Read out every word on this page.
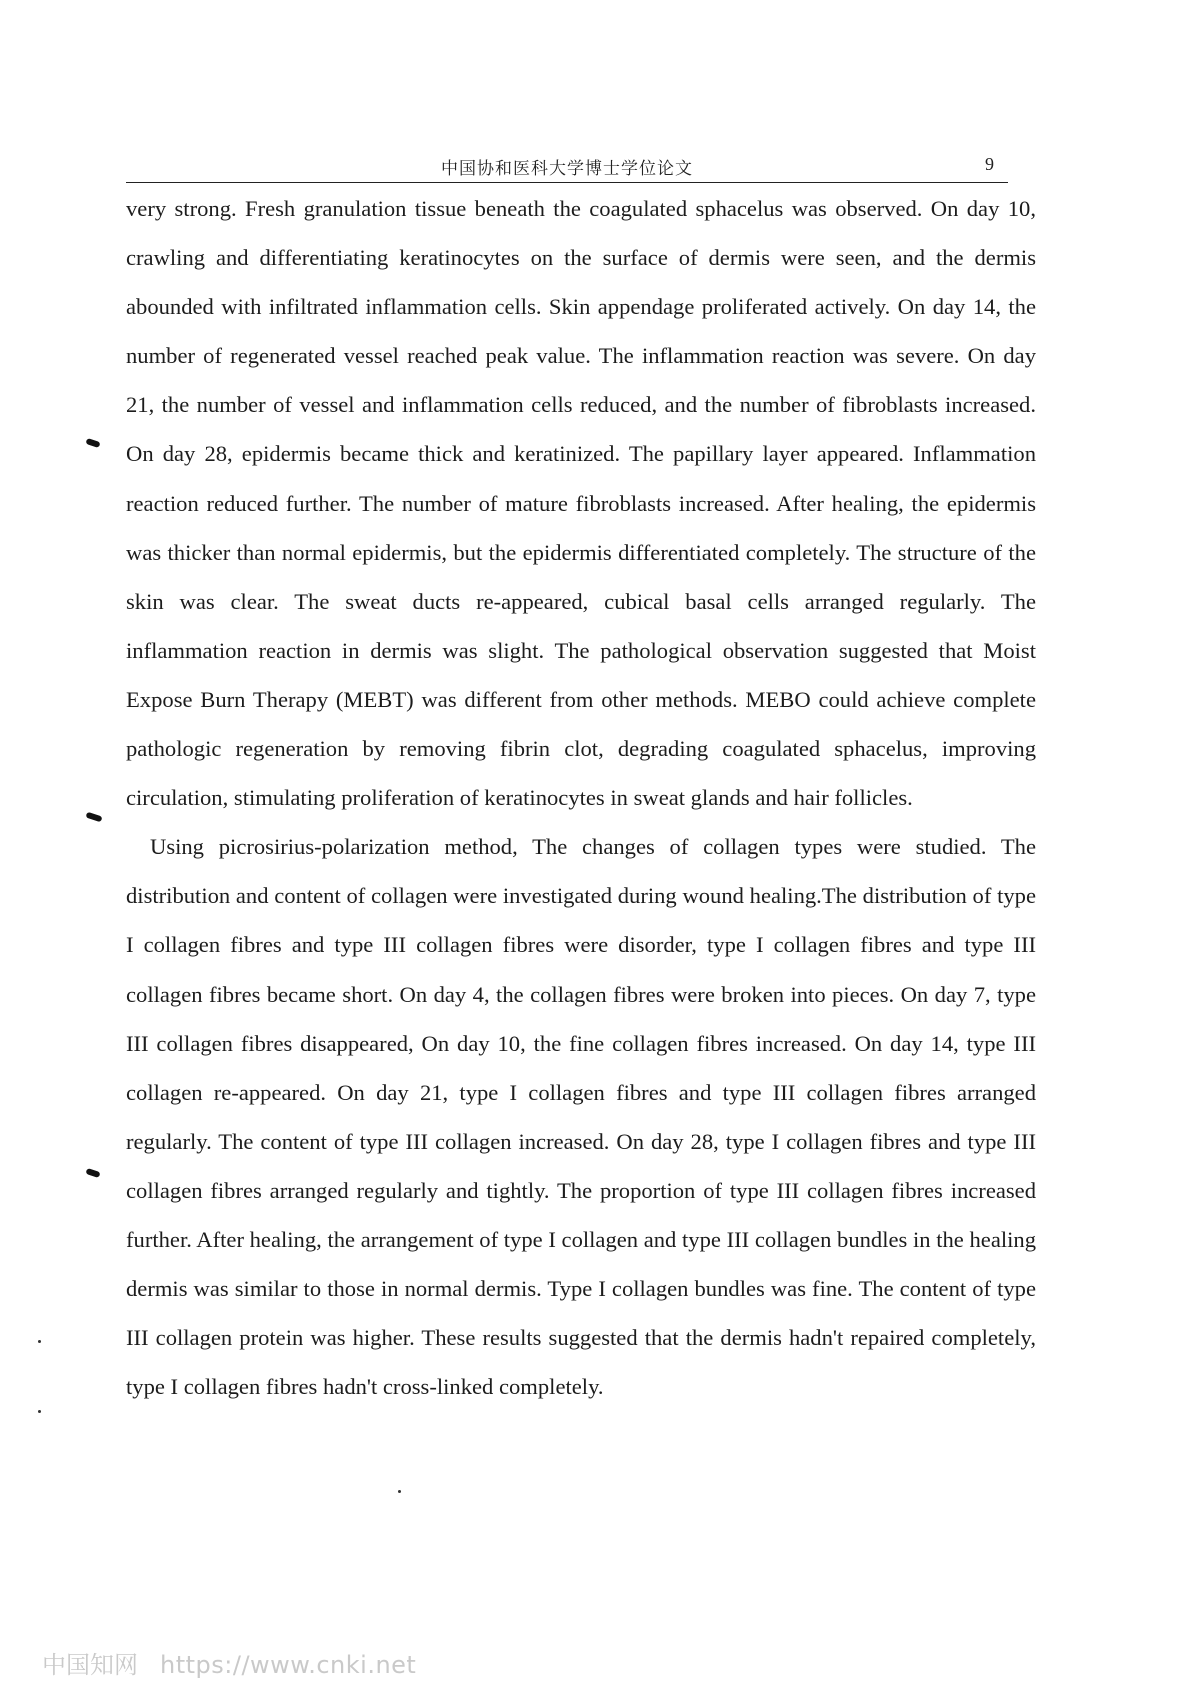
中国协和医科大学博士学位论文	9

very strong. Fresh granulation tissue beneath the coagulated sphacelus was observed. On day 10, crawling and differentiating keratinocytes on the surface of dermis were seen, and the dermis abounded with infiltrated inflammation cells. Skin appendage proliferated actively. On day 14, the number of regenerated vessel reached peak value. The inflammation reaction was severe. On day 21, the number of vessel and inflammation cells reduced, and the number of fibroblasts increased. On day 28, epidermis became thick and keratinized. The papillary layer appeared. Inflammation reaction reduced further. The number of mature fibroblasts increased. After healing, the epidermis was thicker than normal epidermis, but the epidermis differentiated completely. The structure of the skin was clear. The sweat ducts re-appeared, cubical basal cells arranged regularly. The inflammation reaction in dermis was slight. The pathological observation suggested that Moist Expose Burn Therapy (MEBT) was different from other methods. MEBO could achieve complete pathologic regeneration by removing fibrin clot, degrading coagulated sphacelus, improving circulation, stimulating proliferation of keratinocytes in sweat glands and hair follicles.

Using picrosirius-polarization method, The changes of collagen types were studied. The distribution and content of collagen were investigated during wound healing.The distribution of type I collagen fibres and type III collagen fibres were disorder, type I collagen fibres and type III collagen fibres became short. On day 4, the collagen fibres were broken into pieces. On day 7, type III collagen fibres disappeared, On day 10, the fine collagen fibres increased. On day 14, type III collagen re-appeared. On day 21, type I collagen fibres and type III collagen fibres arranged regularly. The content of type III collagen increased. On day 28, type I collagen fibres and type III collagen fibres arranged regularly and tightly. The proportion of type III collagen fibres increased further. After healing, the arrangement of type I collagen and type III collagen bundles in the healing dermis was similar to those in normal dermis. Type I collagen bundles was fine. The content of type III collagen protein was higher. These results suggested that the dermis hadn't repaired completely, type I collagen fibres hadn't cross-linked completely.

中国知网 https://www.cnki.net
